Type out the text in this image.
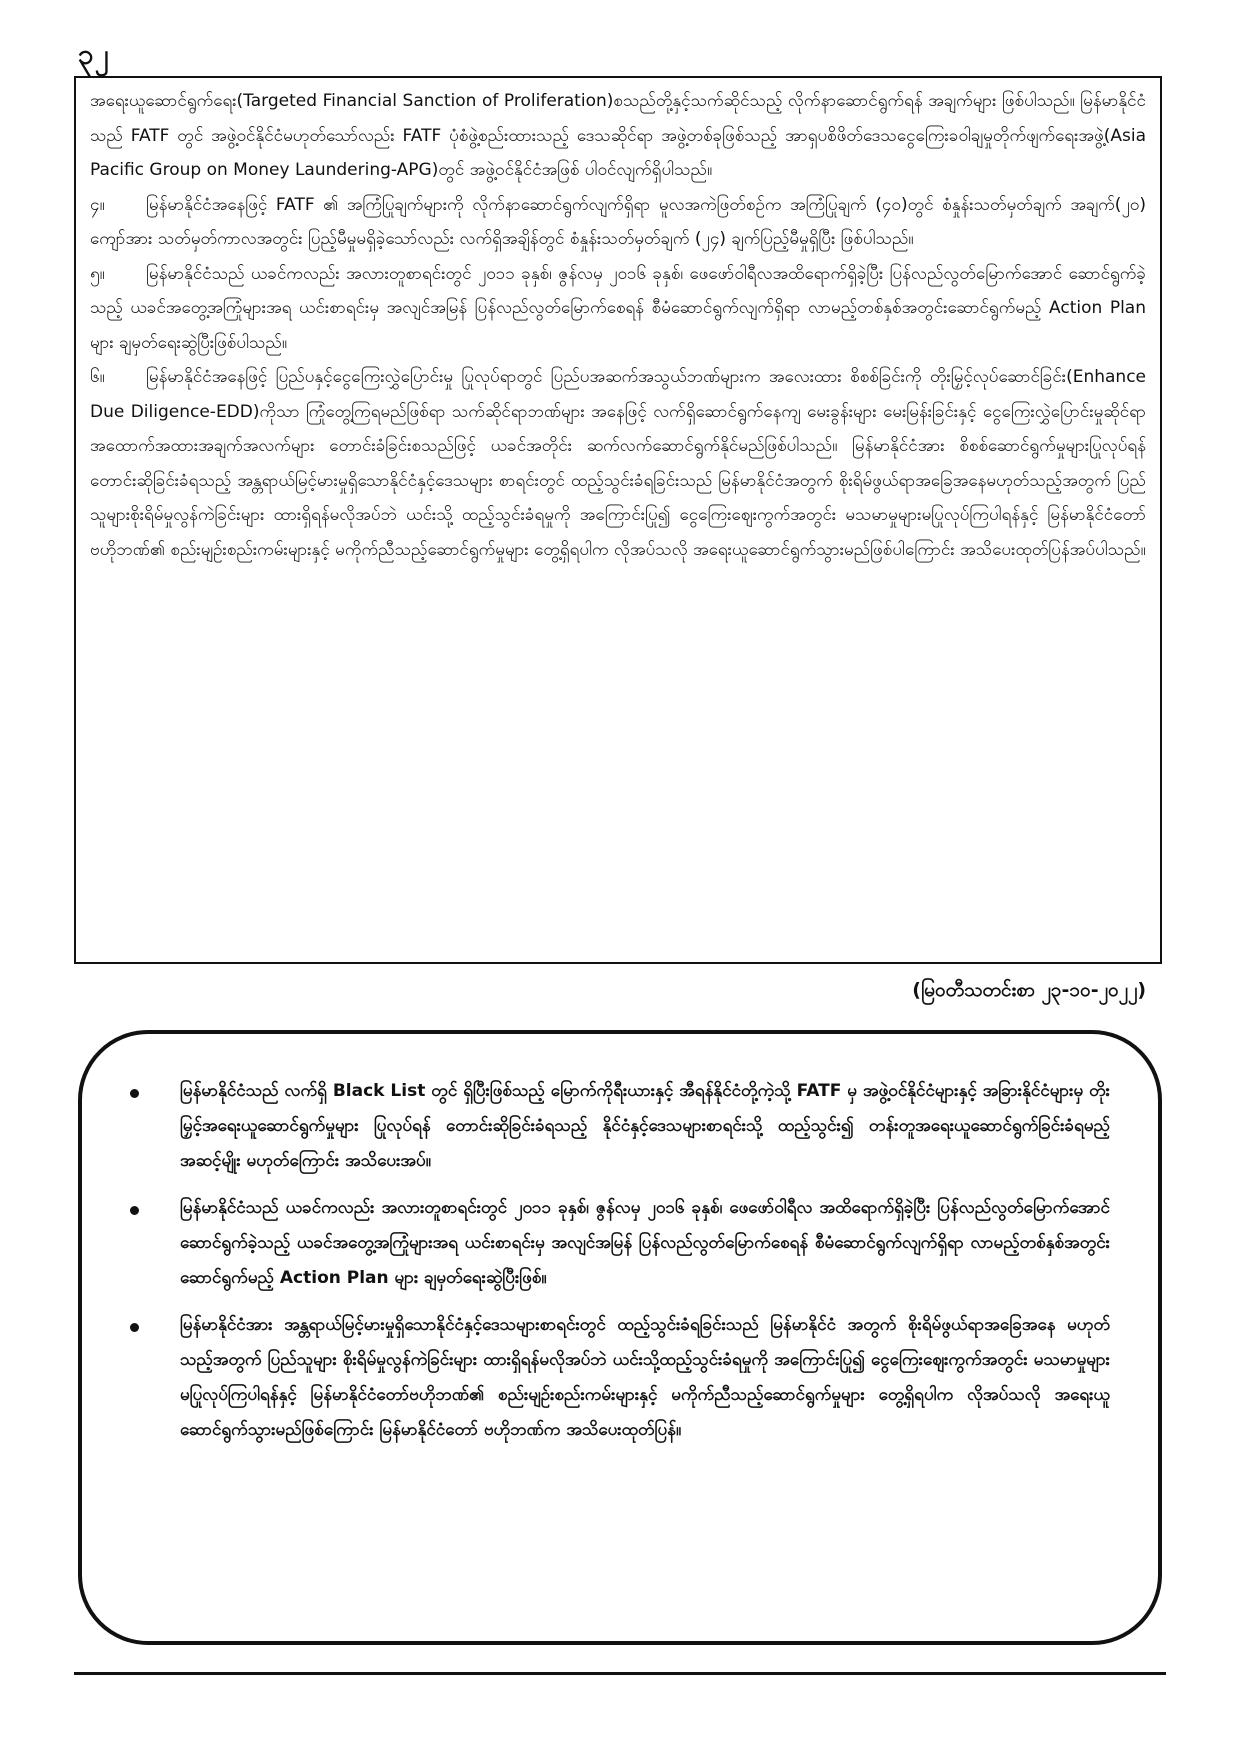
၃၂

အရေးယူဆောင်ရွက်ရေး(Targeted Financial Sanction of Proliferation)စသည်တို့နှင့်သက်ဆိုင်သည့် လိုက်နာဆောင်ရွက်ရန် အချက်များ ဖြစ်ပါသည်။ မြန်မာနိုင်ငံသည် FATF တွင် အဖွဲ့ဝင်နိုင်ငံမဟုတ်သော်လည်း FATF ပုံစံဖွဲ့စည်းထားသည့် ဒေသဆိုင်ရာ အဖွဲ့တစ်ခုဖြစ်သည့် အာရှပစိဖိတ်ဒေသငွေကြေးခဝါချမှုတိုက်ဖျက်ရေးအဖွဲ့(Asia Pacific Group on Money Laundering-APG)တွင် အဖွဲ့ဝင်နိုင်ငံအဖြစ် ပါဝင်လျက်ရှိပါသည်။

၄။ မြန်မာနိုင်ငံအနေဖြင့် FATF ၏ အကြံပြုချက်များကို လိုက်နာဆောင်ရွက်လျက်ရှိရာ မူလအကဲဖြတ်စဉ်က အကြံပြုချက် (၄၀)တွင် စံနှုန်းသတ်မှတ်ချက် အချက်(၂၀) ကျော်အား သတ်မှတ်ကာလအတွင်း ပြည့်မီမှုမရှိခဲ့သော်လည်း လက်ရှိအချိန်တွင် စံနှုန်းသတ်မှတ်ချက် (၂၄) ချက်ပြည့်မီမှုရှိပြီး ဖြစ်ပါသည်။

၅။ မြန်မာနိုင်ငံသည် ယခင်ကလည်း အလားတူစာရင်းတွင် ၂၀၁၁ ခုနှစ်၊ ဇွန်လမှ ၂၀၁၆ ခုနှစ်၊ ဖေဖော်ဝါရီလအထိရောက်ရှိခဲ့ပြီး ပြန်လည်လွတ်မြောက်အောင် ဆောင်ရွက်ခဲ့သည့် ယခင်အတွေ့အကြုံများအရ ယင်းစာရင်းမှ အလျင်အမြန် ပြန်လည်လွတ်မြောက်စေရန် စီမံဆောင်ရွက်လျက်ရှိရာ လာမည့်တစ်နှစ်အတွင်းဆောင်ရွက်မည့် Action Plan များ ချမှတ်ရေးဆွဲပြီးဖြစ်ပါသည်။

၆။ မြန်မာနိုင်ငံအနေဖြင့် ပြည်ပနှင့်ငွေကြေးလွှဲပြောင်းမှု ပြုလုပ်ရာတွင် ပြည်ပအဆက်အသွယ်ဘဏ်များက အလေးထား စိစစ်ခြင်းကို တိုးမြှင့်လုပ်ဆောင်ခြင်း(Enhance Due Diligence-EDD)ကိုသာ ကြုံတွေ့ကြရမည်ဖြစ်ရာ သက်ဆိုင်ရာဘဏ်များ အနေဖြင့် လက်ရှိဆောင်ရွက်နေကျ မေးခွန်းများ မေးမြန်းခြင်းနှင့် ငွေကြေးလွှဲပြောင်းမှုဆိုင်ရာ အထောက်အထားအချက်အလက်များ တောင်းခံခြင်းစသည်ဖြင့် ယခင်အတိုင်း ဆက်လက်ဆောင်ရွက်နိုင်မည်ဖြစ်ပါသည်။ မြန်မာနိုင်ငံအား စိစစ်ဆောင်ရွက်မှုများပြုလုပ်ရန် တောင်းဆိုခြင်းခံရသည့် အန္တရာယ်မြင့်မားမှုရှိသောနိုင်ငံနှင့်ဒေသများ စာရင်းတွင် ထည့်သွင်းခံရခြင်းသည် မြန်မာနိုင်ငံအတွက် စိုးရိမ်ဖွယ်ရာအခြေအနေမဟုတ်သည့်အတွက် ပြည်သူများစိုးရိမ်မှုလွန်ကဲခြင်းများ ထားရှိရန်မလိုအပ်ဘဲ ယင်းသို့ ထည့်သွင်းခံရမှုကို အကြောင်းပြု၍ ငွေကြေးဈေးကွက်အတွင်း မသမာမှုများမပြုလုပ်ကြပါရန်နှင့် မြန်မာနိုင်ငံတော်ဗဟိုဘဏ်၏ စည်းမျဉ်းစည်းကမ်းများနှင့် မကိုက်ညီသည့်ဆောင်ရွက်မှုများ တွေ့ရှိရပါက လိုအပ်သလို အရေးယူဆောင်ရွက်သွားမည်ဖြစ်ပါကြောင်း အသိပေးထုတ်ပြန်အပ်ပါသည်။

(မြဝတီသတင်းစာ ၂၃-၁၀-၂၀၂၂)
မြန်မာနိုင်ငံသည် လက်ရှိ Black List တွင် ရှိပြီးဖြစ်သည့် မြောက်ကိုရီးယားနှင့် အီရန်နိုင်ငံတို့ကဲ့သို့ FATF မှ အဖွဲ့ဝင်နိုင်ငံများနှင့် အခြားနိုင်ငံများမှ တိုးမြှင့်အရေးယူဆောင်ရွက်မှုများ ပြုလုပ်ရန် တောင်းဆိုခြင်းခံရသည့် နိုင်ငံနှင့်ဒေသများစာရင်းသို့ ထည့်သွင်း၍ တန်းတူအရေးယူဆောင်ရွက်ခြင်းခံရမည့် အဆင့်မျိုး မဟုတ်ကြောင်း အသိပေးအပ်။
မြန်မာနိုင်ငံသည် ယခင်ကလည်း အလားတူစာရင်းတွင် ၂၀၁၁ ခုနှစ်၊ ဇွန်လမှ ၂၀၁၆ ခုနှစ်၊ ဖေဖော်ဝါရီလ အထိရောက်ရှိခဲ့ပြီး ပြန်လည်လွတ်မြောက်အောင် ဆောင်ရွက်ခဲ့သည့် ယခင်အတွေ့အကြုံများအရ ယင်းစာရင်းမှ အလျင်အမြန် ပြန်လည်လွတ်မြောက်စေရန် စီမံဆောင်ရွက်လျက်ရှိရာ လာမည့်တစ်နှစ်အတွင်း ဆောင်ရွက်မည့် Action Plan များ ချမှတ်ရေးဆွဲပြီးဖြစ်။
မြန်မာနိုင်ငံအား အန္တရာယ်မြင့်မားမှုရှိသောနိုင်ငံနှင့်ဒေသများစာရင်းတွင် ထည့်သွင်းခံရခြင်းသည် မြန်မာနိုင်ငံ အတွက် စိုးရိမ်ဖွယ်ရာအခြေအနေ မဟုတ်သည့်အတွက် ပြည်သူများ စိုးရိမ်မှုလွန်ကဲခြင်းများ ထားရှိရန်မလိုအပ်ဘဲ ယင်းသို့ထည့်သွင်းခံရမှုကို အကြောင်းပြု၍ ငွေကြေးဈေးကွက်အတွင်း မသမာမှုများမပြုလုပ်ကြပါရန်နှင့် မြန်မာနိုင်ငံတော်ဗဟိုဘဏ်၏ စည်းမျဉ်းစည်းကမ်းများနှင့် မကိုက်ညီသည့်ဆောင်ရွက်မှုများ တွေ့ရှိရပါက လိုအပ်သလို အရေးယူဆောင်ရွက်သွားမည်ဖြစ်ကြောင်း မြန်မာနိုင်ငံတော် ဗဟိုဘဏ်က အသိပေးထုတ်ပြန်။
